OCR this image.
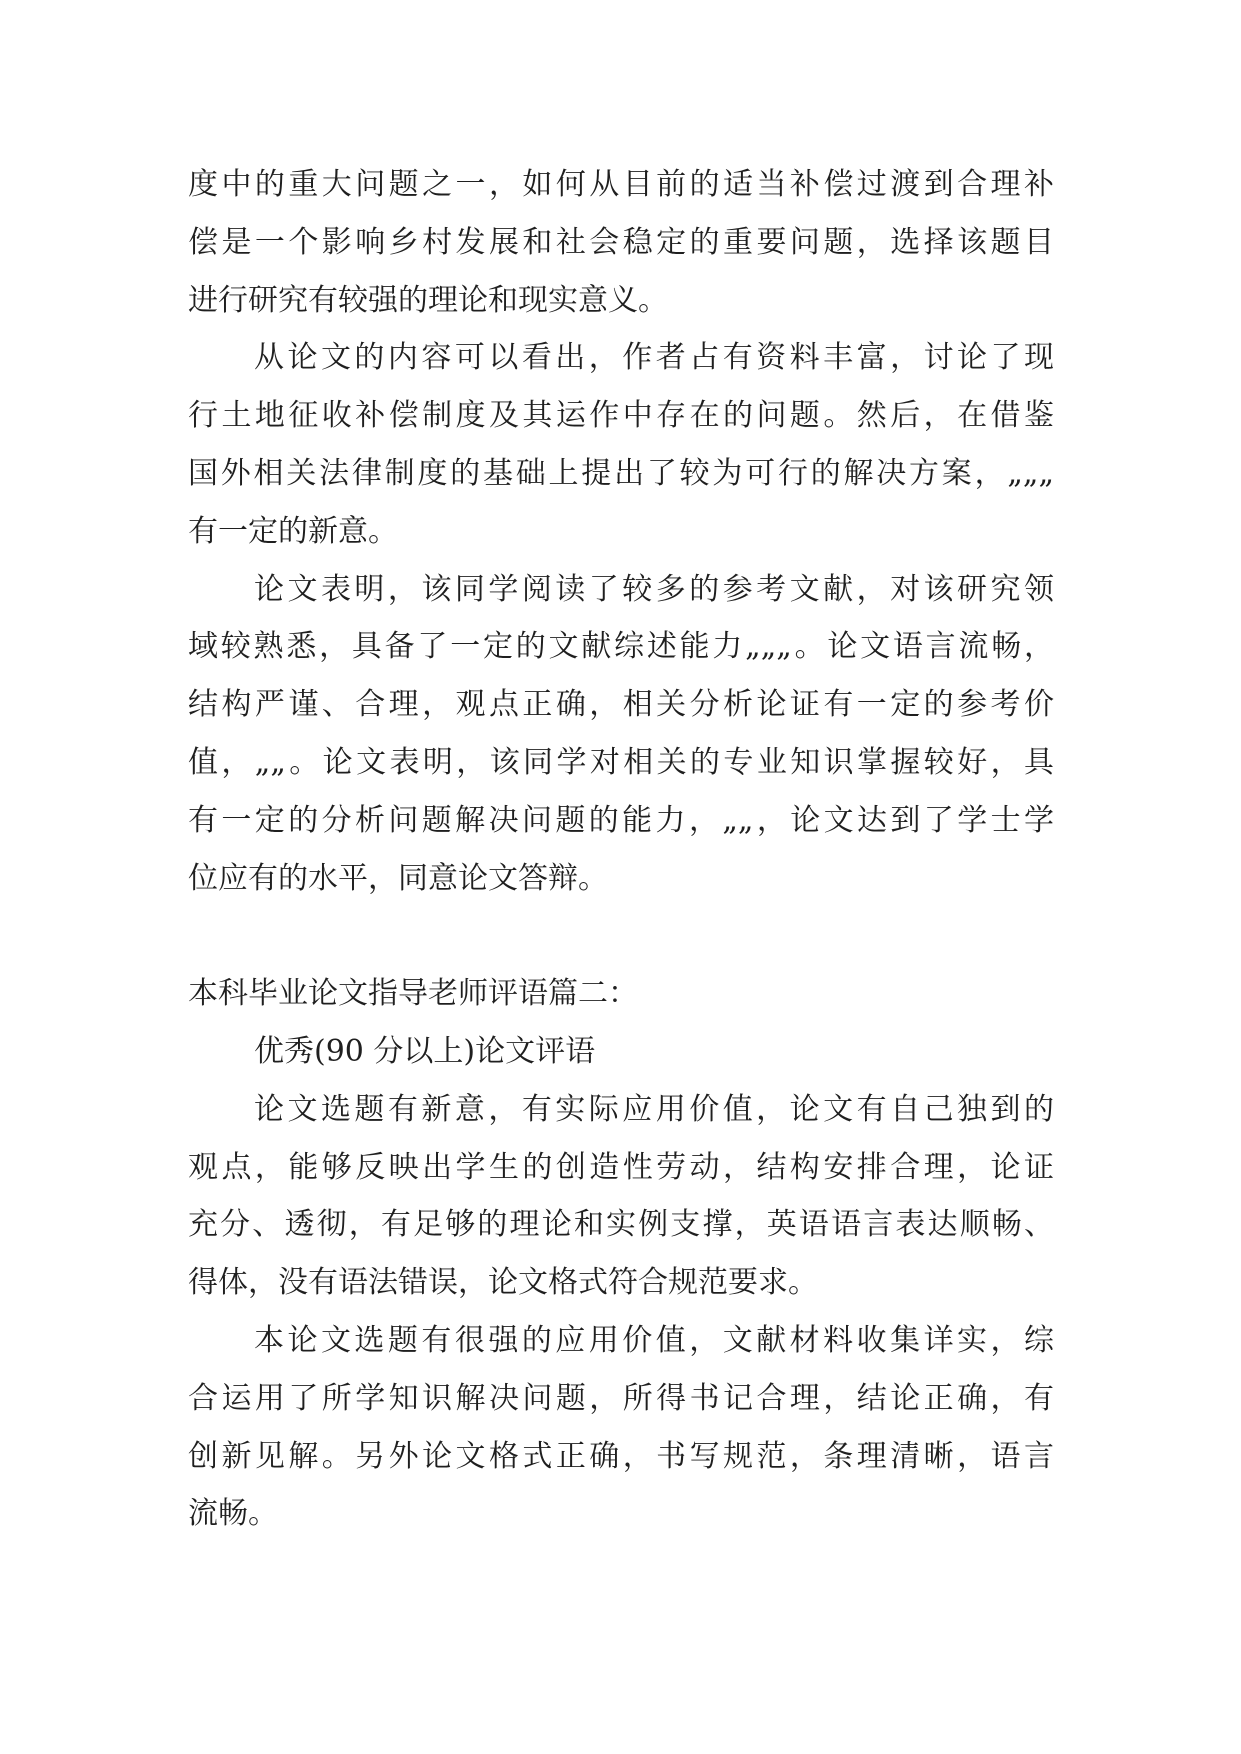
度中的重大问题之一，如何从目前的适当补偿过渡到合理补
偿是一个影响乡村发展和社会稳定的重要问题，选择该题目
进行研究有较强的理论和现实意义。
从论文的内容可以看出，作者占有资料丰富，讨论了现
行土地征收补偿制度及其运作中存在的问题。然后，在借鉴
国外相关法律制度的基础上提出了较为可行的解决方案，„„„
有一定的新意。
论文表明，该同学阅读了较多的参考文献，对该研究领
域较熟悉，具备了一定的文献综述能力„„„。论文语言流畅，
结构严谨、合理，观点正确，相关分析论证有一定的参考价
值，„„。论文表明，该同学对相关的专业知识掌握较好，具
有一定的分析问题解决问题的能力，„„，论文达到了学士学
位应有的水平，同意论文答辩。
本科毕业论文指导老师评语篇二：
优秀(90 分以上)论文评语
论文选题有新意，有实际应用价值，论文有自己独到的
观点，能够反映出学生的创造性劳动，结构安排合理，论证
充分、透彻，有足够的理论和实例支撑，英语语言表达顺畅、
得体，没有语法错误，论文格式符合规范要求。
本论文选题有很强的应用价值，文献材料收集详实，综
合运用了所学知识解决问题，所得书记合理，结论正确，有
创新见解。另外论文格式正确，书写规范，条理清晰，语言
流畅。
